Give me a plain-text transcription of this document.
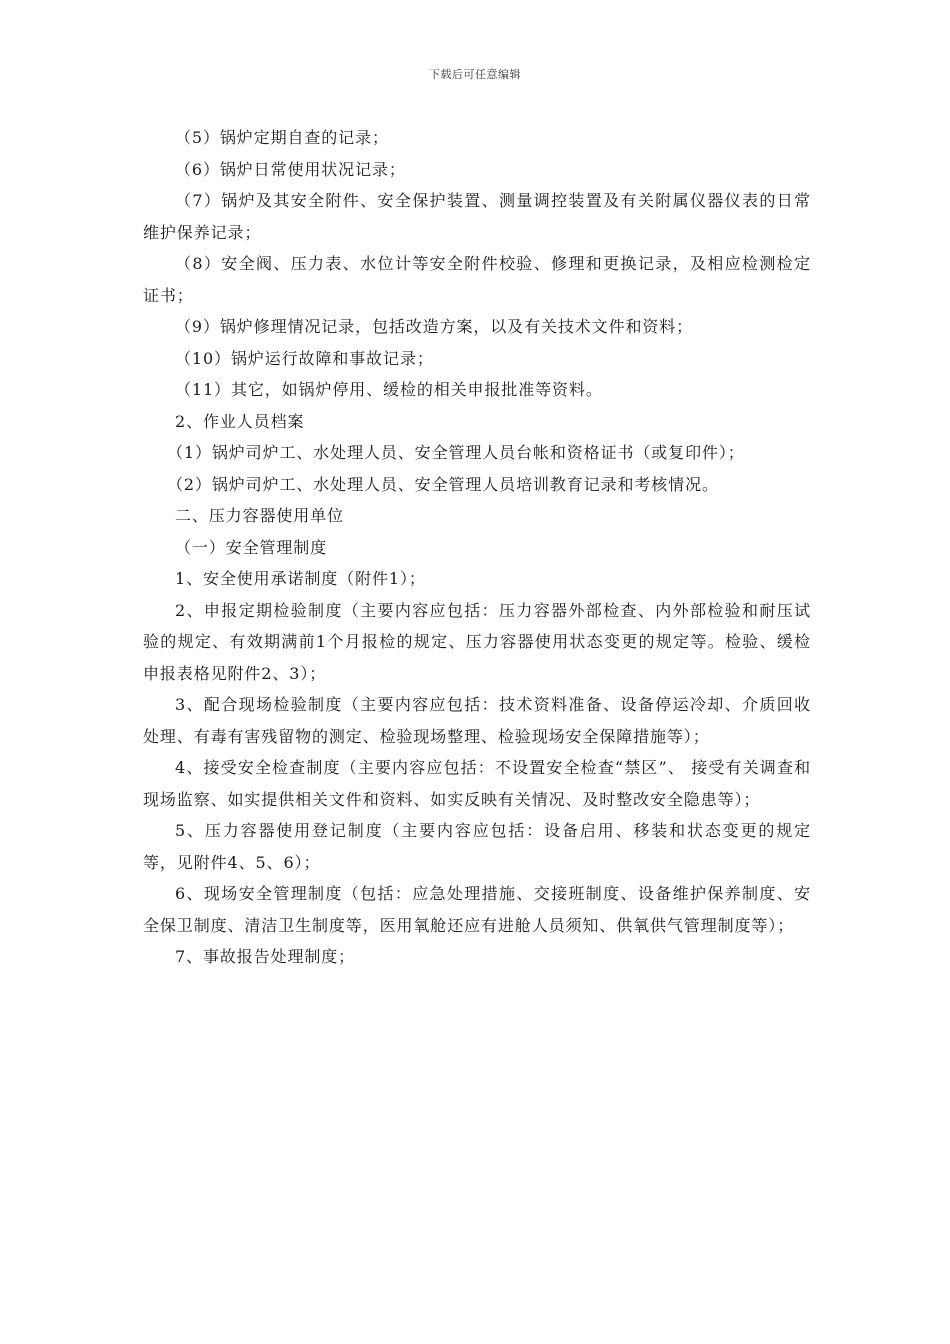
下载后可任意编辑

（5）锅炉定期自查的记录；

（6）锅炉日常使用状况记录；

（7）锅炉及其安全附件、安全保护装置、测量调控装置及有关附属仪器仪表的日常维护保养记录；

（8）安全阀、压力表、水位计等安全附件校验、修理和更换记录，及相应检测检定证书；

（9）锅炉修理情况记录，包括改造方案，以及有关技术文件和资料；

（10）锅炉运行故障和事故记录；

（11）其它，如锅炉停用、缓检的相关申报批准等资料。

2、作业人员档案

（1）锅炉司炉工、水处理人员、安全管理人员台帐和资格证书（或复印件）；

（2）锅炉司炉工、水处理人员、安全管理人员培训教育记录和考核情况。

二、压力容器使用单位

（一）安全管理制度

1、安全使用承诺制度（附件1）；

2、申报定期检验制度（主要内容应包括：压力容器外部检查、内外部检验和耐压试验的规定、有效期满前1个月报检的规定、压力容器使用状态变更的规定等。检验、缓检申报表格见附件2、3）；

3、配合现场检验制度（主要内容应包括：技术资料准备、设备停运冷却、介质回收处理、有毒有害残留物的测定、检验现场整理、检验现场安全保障措施等）；

4、接受安全检查制度（主要内容应包括：不设置安全检查“禁区”、 接受有关调查和现场监察、如实提供相关文件和资料、如实反映有关情况、及时整改安全隐患等）；

5、压力容器使用登记制度（主要内容应包括：设备启用、移装和状态变更的规定等，见附件4、5、6）；

6、现场安全管理制度（包括：应急处理措施、交接班制度、设备维护保养制度、安全保卫制度、清洁卫生制度等，医用氧舱还应有进舱人员须知、供氧供气管理制度等）；

7、事故报告处理制度；
